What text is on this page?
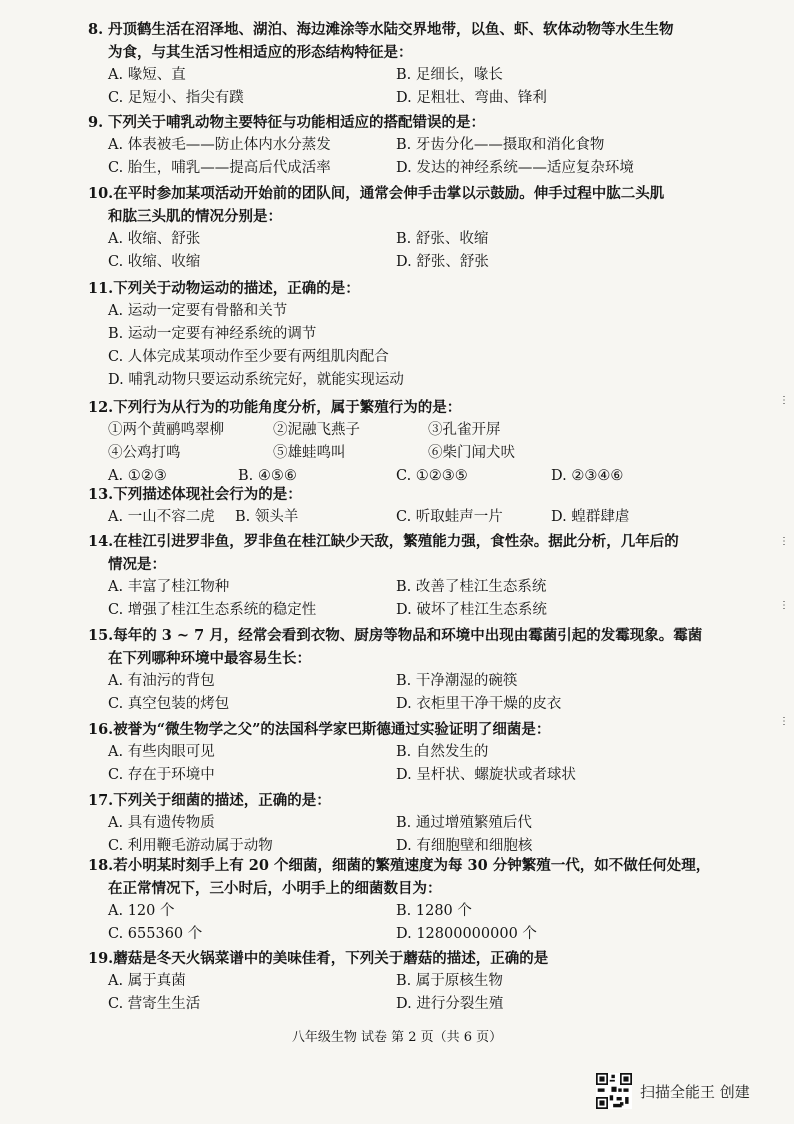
8. 丹顶鹤生活在沼泽地、湖泊、海边滩涂等水陆交界地带，以鱼、虾、软体动物等水生生物
为食，与其生活习性相适应的形态结构特征是：
A. 喙短、直	B. 足细长，喙长
C. 足短小、指尖有蹼	D. 足粗壮、弯曲、锋利
9. 下列关于哺乳动物主要特征与功能相适应的搭配错误的是：
A. 体表被毛——防止体内水分蒸发	B. 牙齿分化——摄取和消化食物
C. 胎生，哺乳——提高后代成活率	D. 发达的神经系统——适应复杂环境
10.在平时参加某项活动开始前的团队间，通常会伸手击掌以示鼓励。伸手过程中肱二头肌
和肱三头肌的情况分别是：
A. 收缩、舒张	B. 舒张、收缩
C. 收缩、收缩	D. 舒张、舒张
11.下列关于动物运动的描述，正确的是：
A. 运动一定要有骨骼和关节
B. 运动一定要有神经系统的调节
C. 人体完成某项动作至少要有两组肌肉配合
D. 哺乳动物只要运动系统完好，就能实现运动
12.下列行为从行为的功能角度分析，属于繁殖行为的是：
①两个黄鹂鸣翠柳	②泥融飞燕子	③孔雀开屏
④公鸡打鸣	⑤雄蛙鸣叫	⑥柴门闻犬吠
A. ①②③	B. ④⑤⑥	C. ①②③⑤	D. ②③④⑥
13.下列描述体现社会行为的是：
A. 一山不容二虎 B. 领头羊	C. 听取蛙声一片	D. 蝗群肆虐
14.在桂江引进罗非鱼，罗非鱼在桂江缺少天敌，繁殖能力强，食性杂。据此分析，几年后的
情况是：
A. 丰富了桂江物种	B. 改善了桂江生态系统
C. 增强了桂江生态系统的稳定性	D. 破坏了桂江生态系统
15.每年的 3 ~ 7 月，经常会看到衣物、厨房等物品和环境中出现由霉菌引起的发霉现象。霉菌
在下列哪种环境中最容易生长：
A. 有油污的背包	B. 干净潮湿的碗筷
C. 真空包装的烤包	D. 衣柜里干净干燥的皮衣
16.被誉为“微生物学之父”的法国科学家巴斯德通过实验证明了细菌是：
A. 有些肉眼可见	B. 自然发生的
C. 存在于环境中	D. 呈杆状、螺旋状或者球状
17.下列关于细菌的描述，正确的是：
A. 具有遗传物质	B. 通过增殖繁殖后代
C. 利用鞭毛游动属于动物	D. 有细胞壁和细胞核
18.若小明某时刻手上有 20 个细菌，细菌的繁殖速度为每 30 分钟繁殖一代，如不做任何处理，
在正常情况下，三小时后，小明手上的细菌数目为：
A. 120 个	B. 1280 个
C. 655360 个	D. 12800000000 个
19.蘑菇是冬天火锅菜谱中的美味佳肴，下列关于蘑菇的描述，正确的是
A. 属于真菌	B. 属于原核生物
C. 营寄生生活	D. 进行分裂生殖
八年级生物 试卷 第 2 页（共 6 页）
扫描全能王 创建
⋮
⋮
⋮
⋮
